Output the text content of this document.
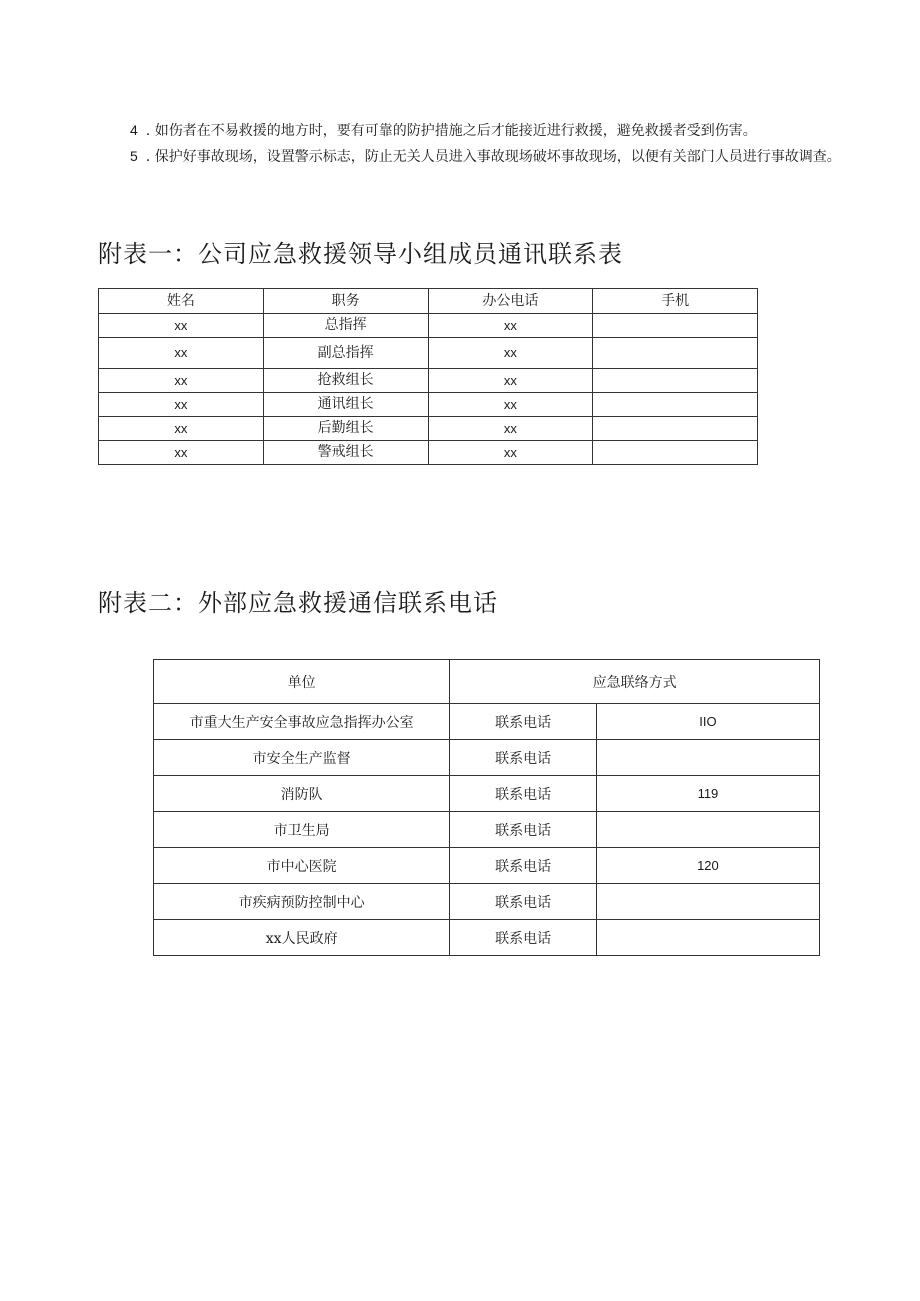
4 . 如伤者在不易救援的地方时，要有可靠的防护措施之后才能接近进行救援，避免救援者受到伤害。

5 . 保护好事故现场，设置警示标志，防止无关人员进入事故现场破坏事故现场，以便有关部门人员进行事故调查。

附表一：公司应急救援领导小组成员通讯联系表
姓名	职务	办公电话	手机
xx	总指挥	xx	
xx	副总指挥	xx	
xx	抢救组长	xx	
xx	通讯组长	xx	
xx	后勤组长	xx	
xx	警戒组长	xx	
附表二：外部应急救援通信联系电话
单位	应急联络方式	
市重大生产安全事故应急指挥办公室	联系电话	IIO
市安全生产监督	联系电话	
消防队	联系电话	119
市卫生局	联系电话	
市中心医院	联系电话	120
市疾病预防控制中心	联系电话	
xx人民政府	联系电话	
